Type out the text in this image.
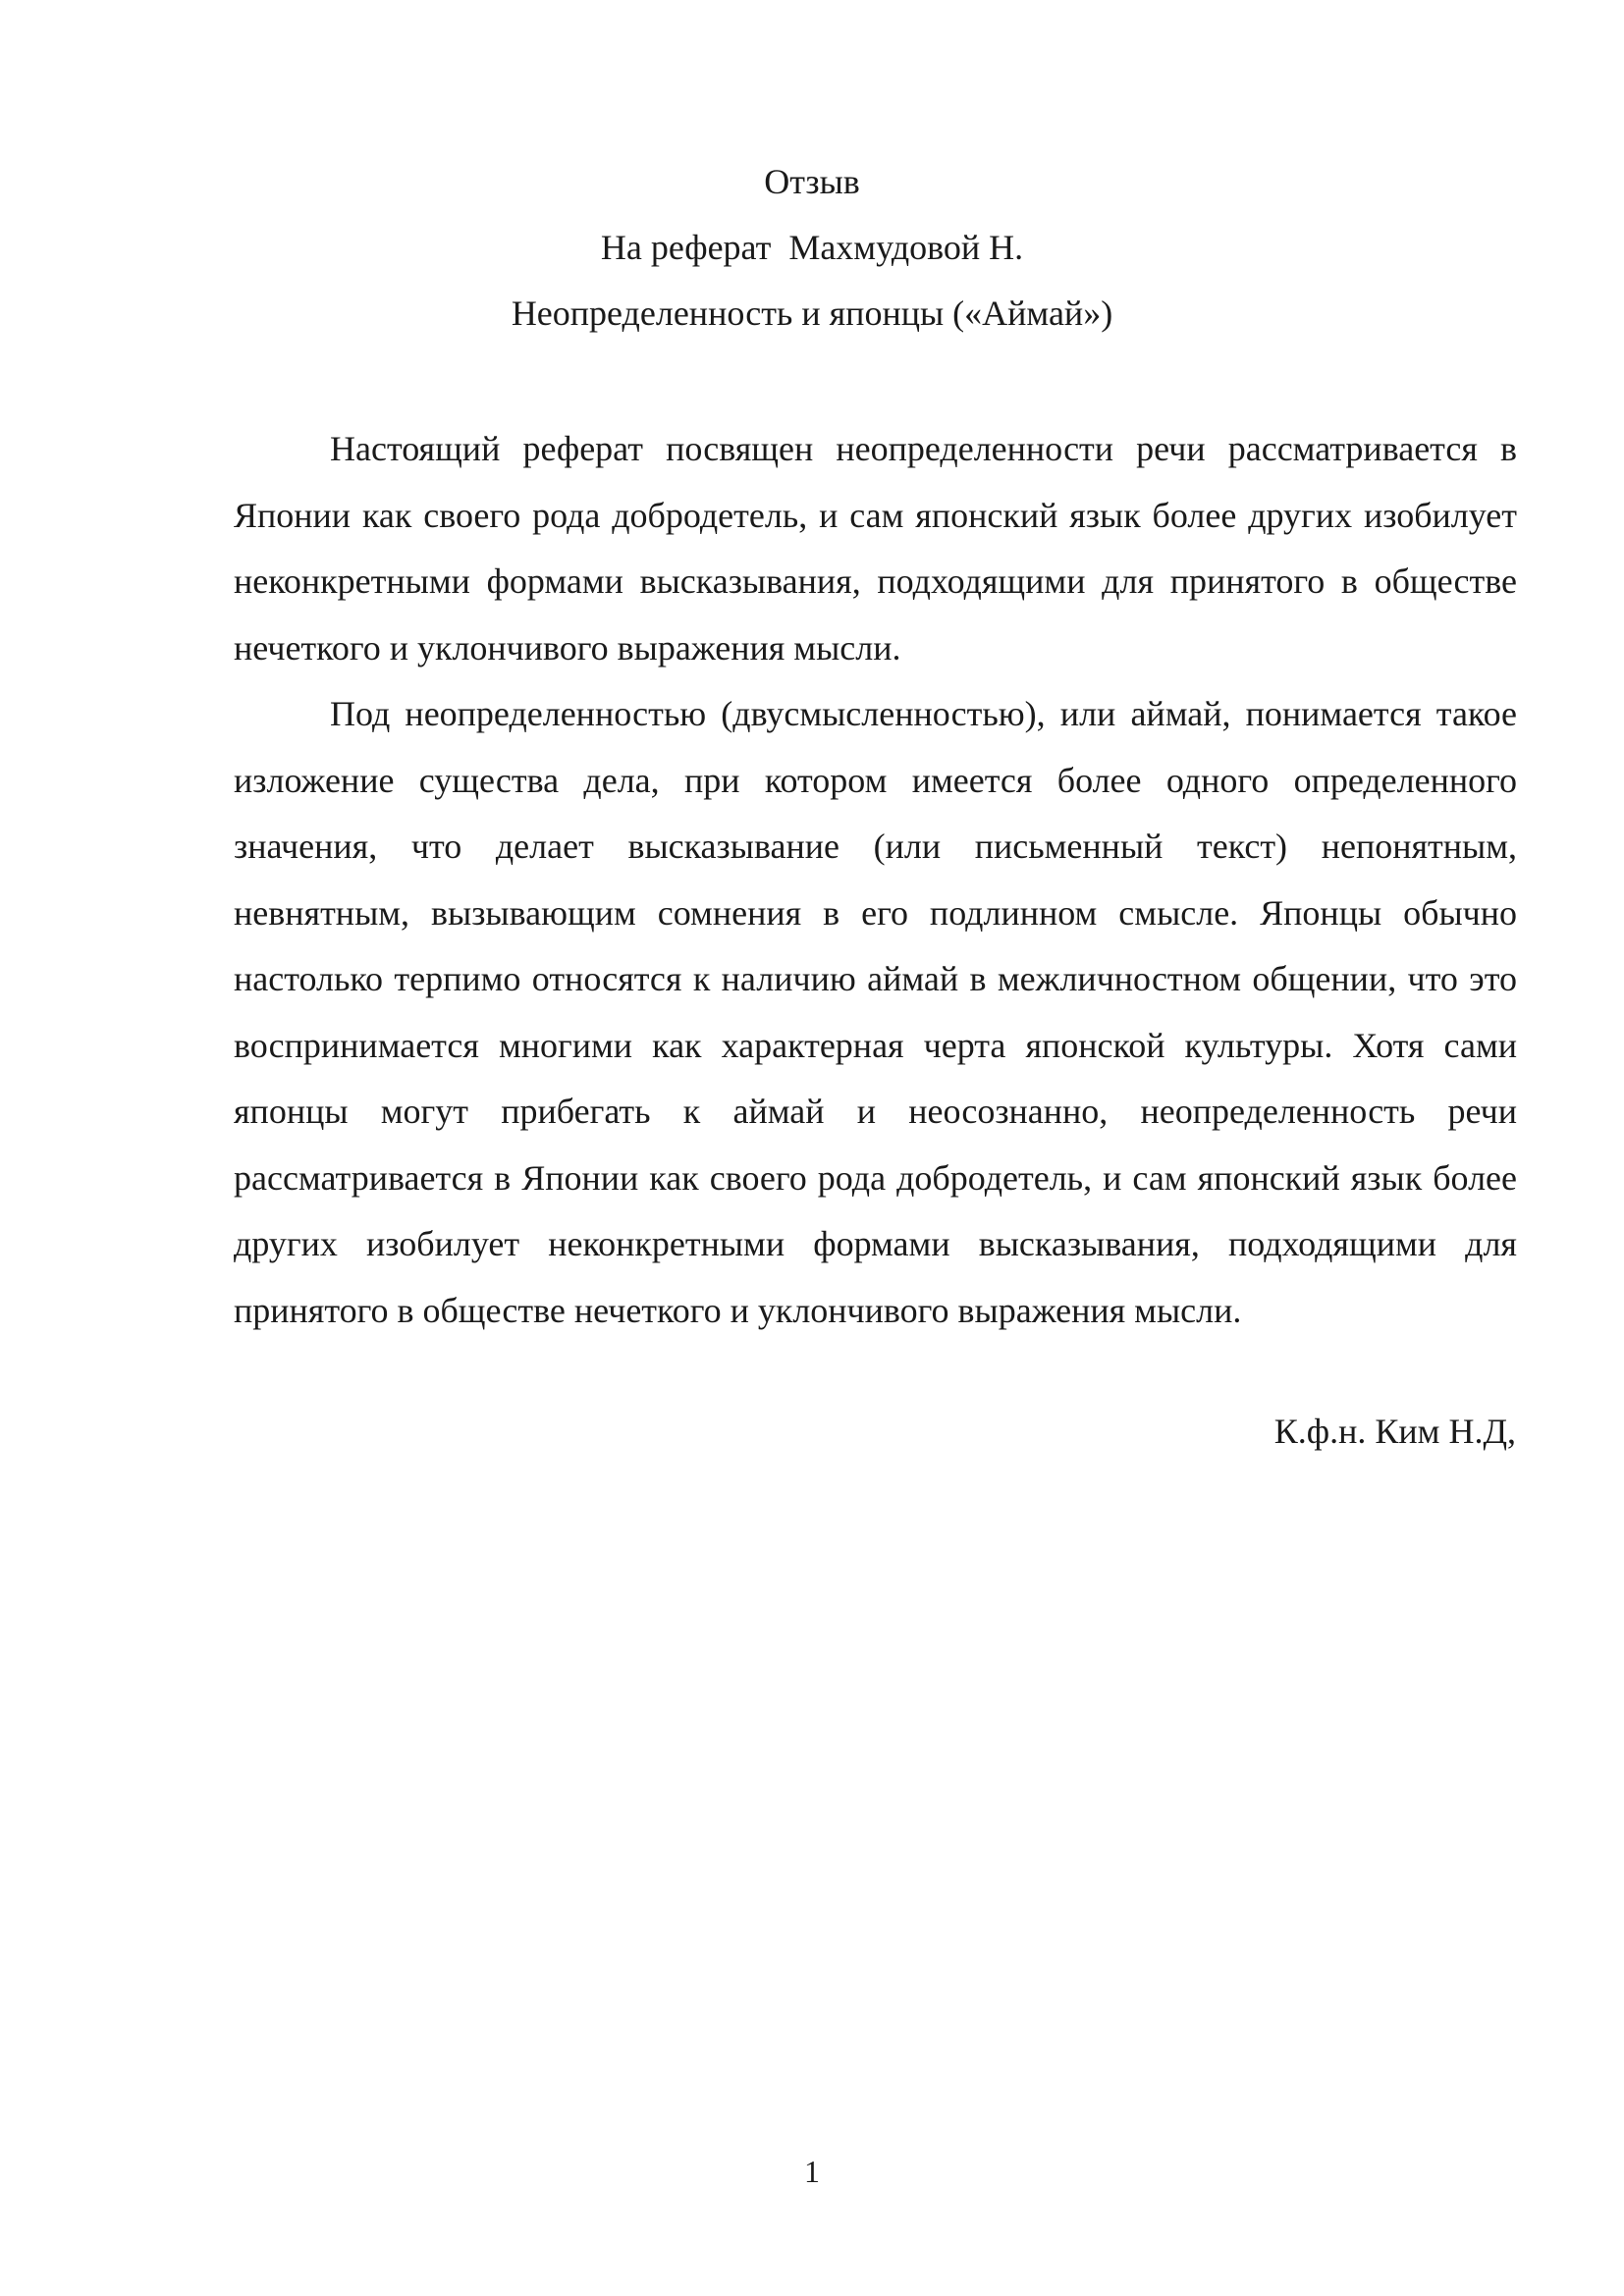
Отзыв
На реферат  Махмудовой Н.
Неопределенность и японцы («Аймай»)

Настоящий реферат посвящен неопределенности речи рассматривается в Японии как своего рода добродетель, и сам японский язык более других изобилует неконкретными формами высказывания, подходящими для принятого в обществе нечеткого и уклончивого выражения мысли.

Под неопределенностью (двусмысленностью), или аймай, понимается такое изложение существа дела, при котором имеется более одного определенного значения, что делает высказывание (или письменный текст) непонятным, невнятным, вызывающим сомнения в его подлинном смысле. Японцы обычно настолько терпимо относятся к наличию аймай в межличностном общении, что это воспринимается многими как характерная черта японской культуры. Хотя сами японцы могут прибегать к аймай и неосознанно, неопределенность речи рассматривается в Японии как своего рода добродетель, и сам японский язык более других изобилует неконкретными формами высказывания, подходящими для принятого в обществе нечеткого и уклончивого выражения мысли.

К.ф.н. Ким Н.Д,
1
